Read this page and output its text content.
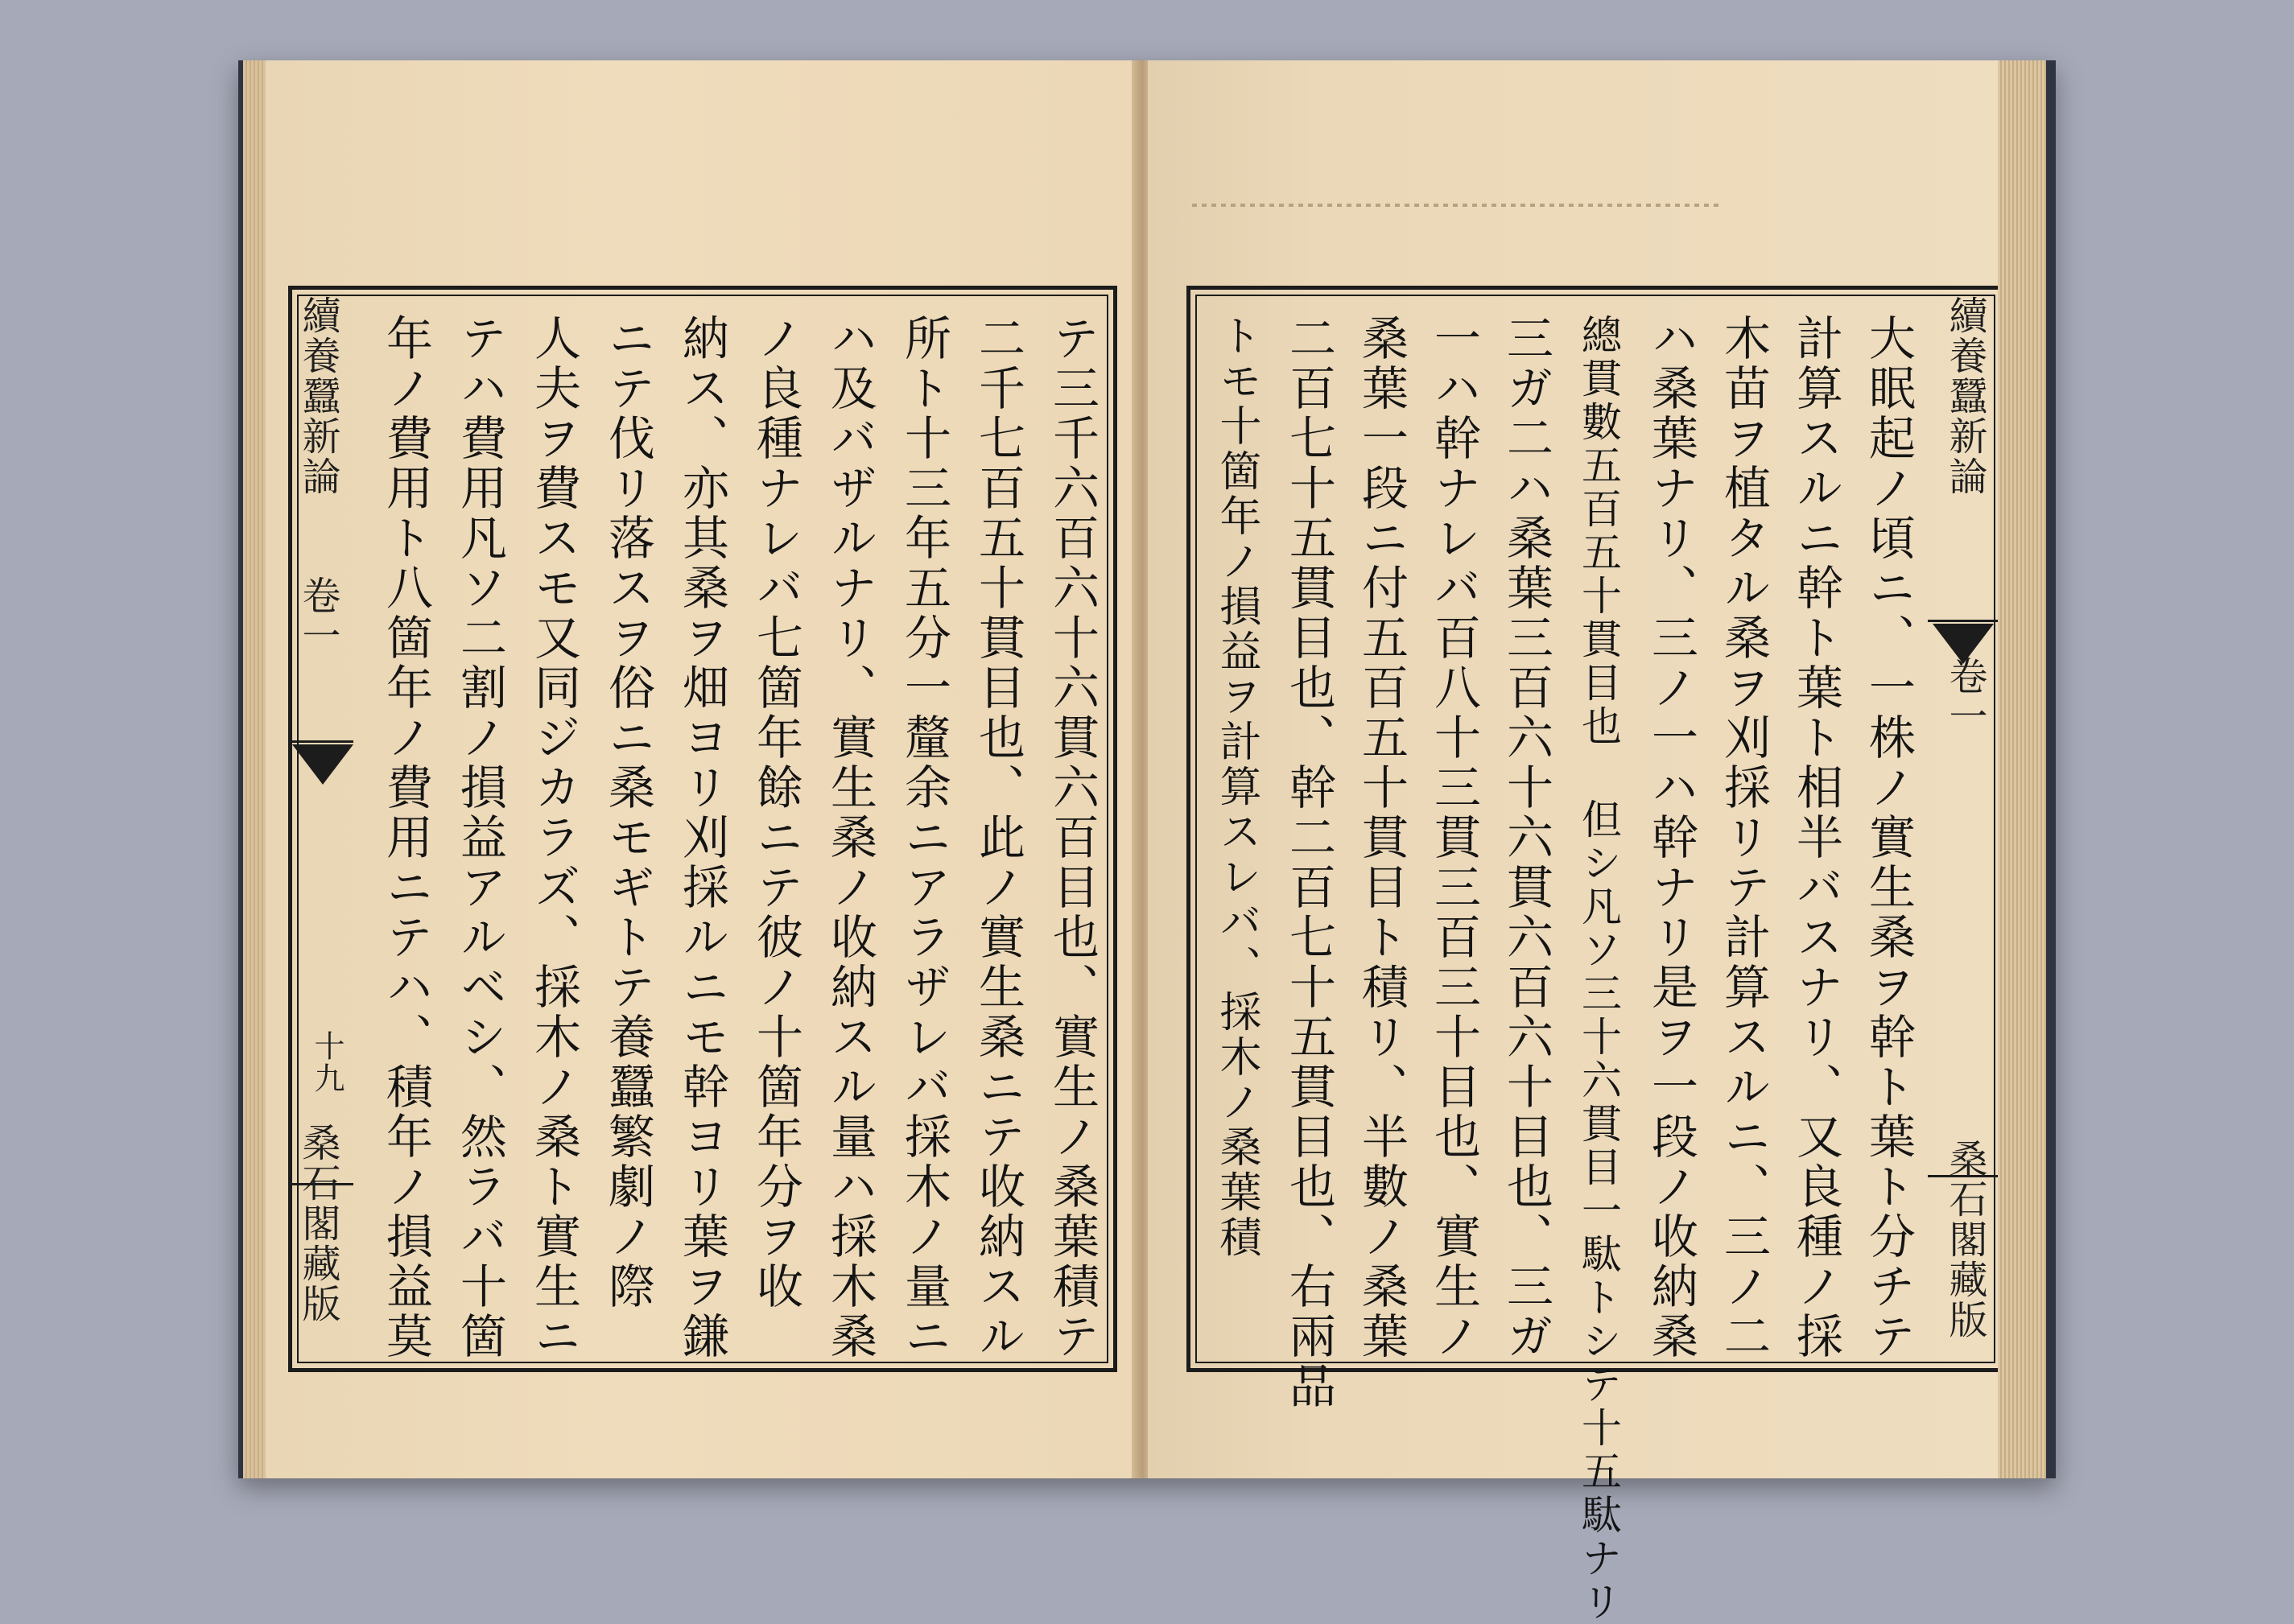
テ三千六百六十六貫六百目也、實生ノ桑葉積テ
二千七百五十貫目也、此ノ實生桑ニテ收納スル
所ト十三年五分一釐余ニアラザレバ採木ノ量ニ
ハ及バザルナリ、實生桑ノ收納スル量ハ採木桑
ノ良種ナレバ七箇年餘ニテ彼ノ十箇年分ヲ收
納ス、亦其桑ヲ畑ヨリ刈採ルニモ幹ヨリ葉ヲ鎌
ニテ伐リ落スヲ俗ニ桑モギトテ養蠶繁劇ノ際
人夫ヲ費スモ又同ジカラズ、採木ノ桑ト實生ニ
テハ費用凡ソ二割ノ損益アルベシ、然ラバ十箇
年ノ費用ト八箇年ノ費用ニテハ、積年ノ損益莫
續養蠶新論
卷一
十九
桑石閣藏版	大眠起ノ頃ニ、一株ノ實生桑ヲ幹ト葉ト分チテ
計算スルニ幹ト葉ト相半バスナリ、又良種ノ採
木苗ヲ植タル桑ヲ刈採リテ計算スルニ、三ノ二
ハ桑葉ナリ、三ノ一ハ幹ナリ是ヲ一段ノ收納桑
總貫數五百五十貫目也 但シ凡ソ三十六貫目一駄トシテ十五駄ナリ
三ガ二ハ桑葉三百六十六貫六百六十目也、三ガ
一ハ幹ナレバ百八十三貫三百三十目也、實生ノ
桑葉一段ニ付五百五十貫目ト積リ、半數ノ桑葉
二百七十五貫目也、幹二百七十五貫目也、右兩品
トモ十箇年ノ損益ヲ計算スレバ、採木ノ桑葉積	續養蠶新論
卷一
桑石閣藏版
